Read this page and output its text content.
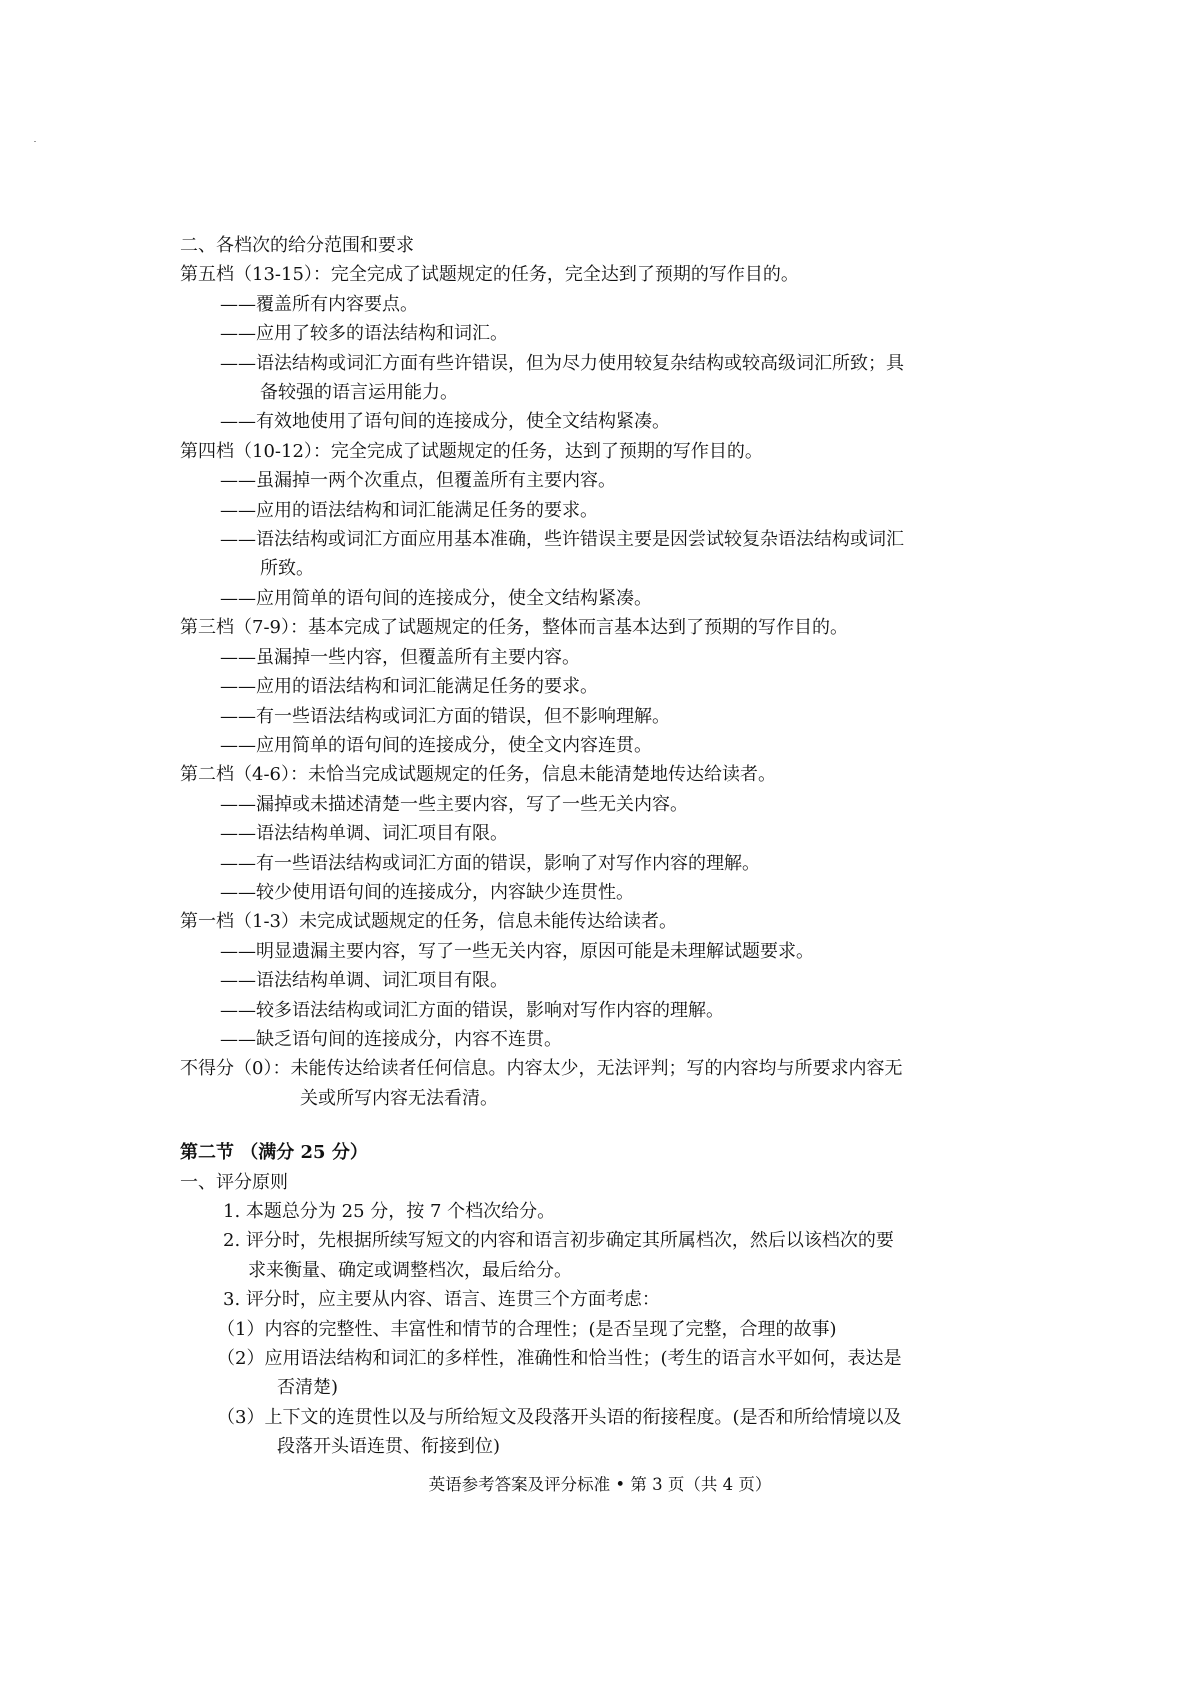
二、各档次的给分范围和要求
第五档（13-15）：完全完成了试题规定的任务，完全达到了预期的写作目的。
——覆盖所有内容要点。
——应用了较多的语法结构和词汇。
——语法结构或词汇方面有些许错误，但为尽力使用较复杂结构或较高级词汇所致；具
备较强的语言运用能力。
——有效地使用了语句间的连接成分，使全文结构紧凑。
第四档（10-12）：完全完成了试题规定的任务，达到了预期的写作目的。
——虽漏掉一两个次重点，但覆盖所有主要内容。
——应用的语法结构和词汇能满足任务的要求。
——语法结构或词汇方面应用基本准确，些许错误主要是因尝试较复杂语法结构或词汇
所致。
——应用简单的语句间的连接成分，使全文结构紧凑。
第三档（7-9）：基本完成了试题规定的任务，整体而言基本达到了预期的写作目的。
——虽漏掉一些内容，但覆盖所有主要内容。
——应用的语法结构和词汇能满足任务的要求。
——有一些语法结构或词汇方面的错误，但不影响理解。
——应用简单的语句间的连接成分，使全文内容连贯。
第二档（4-6）：未恰当完成试题规定的任务，信息未能清楚地传达给读者。
——漏掉或未描述清楚一些主要内容，写了一些无关内容。
——语法结构单调、词汇项目有限。
——有一些语法结构或词汇方面的错误，影响了对写作内容的理解。
——较少使用语句间的连接成分，内容缺少连贯性。
第一档（1-3）未完成试题规定的任务，信息未能传达给读者。
——明显遗漏主要内容，写了一些无关内容，原因可能是未理解试题要求。
——语法结构单调、词汇项目有限。
——较多语法结构或词汇方面的错误，影响对写作内容的理解。
——缺乏语句间的连接成分，内容不连贯。
不得分（0）：未能传达给读者任何信息。内容太少，无法评判；写的内容均与所要求内容无
关或所写内容无法看清。
第二节 （满分 25 分）
一、评分原则
1. 本题总分为 25 分，按 7 个档次给分。
2. 评分时，先根据所续写短文的内容和语言初步确定其所属档次，然后以该档次的要
求来衡量、确定或调整档次，最后给分。
3. 评分时，应主要从内容、语言、连贯三个方面考虑：
（1）内容的完整性、丰富性和情节的合理性；(是否呈现了完整，合理的故事)
（2）应用语法结构和词汇的多样性，准确性和恰当性；(考生的语言水平如何，表达是
否清楚)
（3）上下文的连贯性以及与所给短文及段落开头语的衔接程度。(是否和所给情境以及
段落开头语连贯、衔接到位)
英语参考答案及评分标准 • 第 3 页（共 4 页）
